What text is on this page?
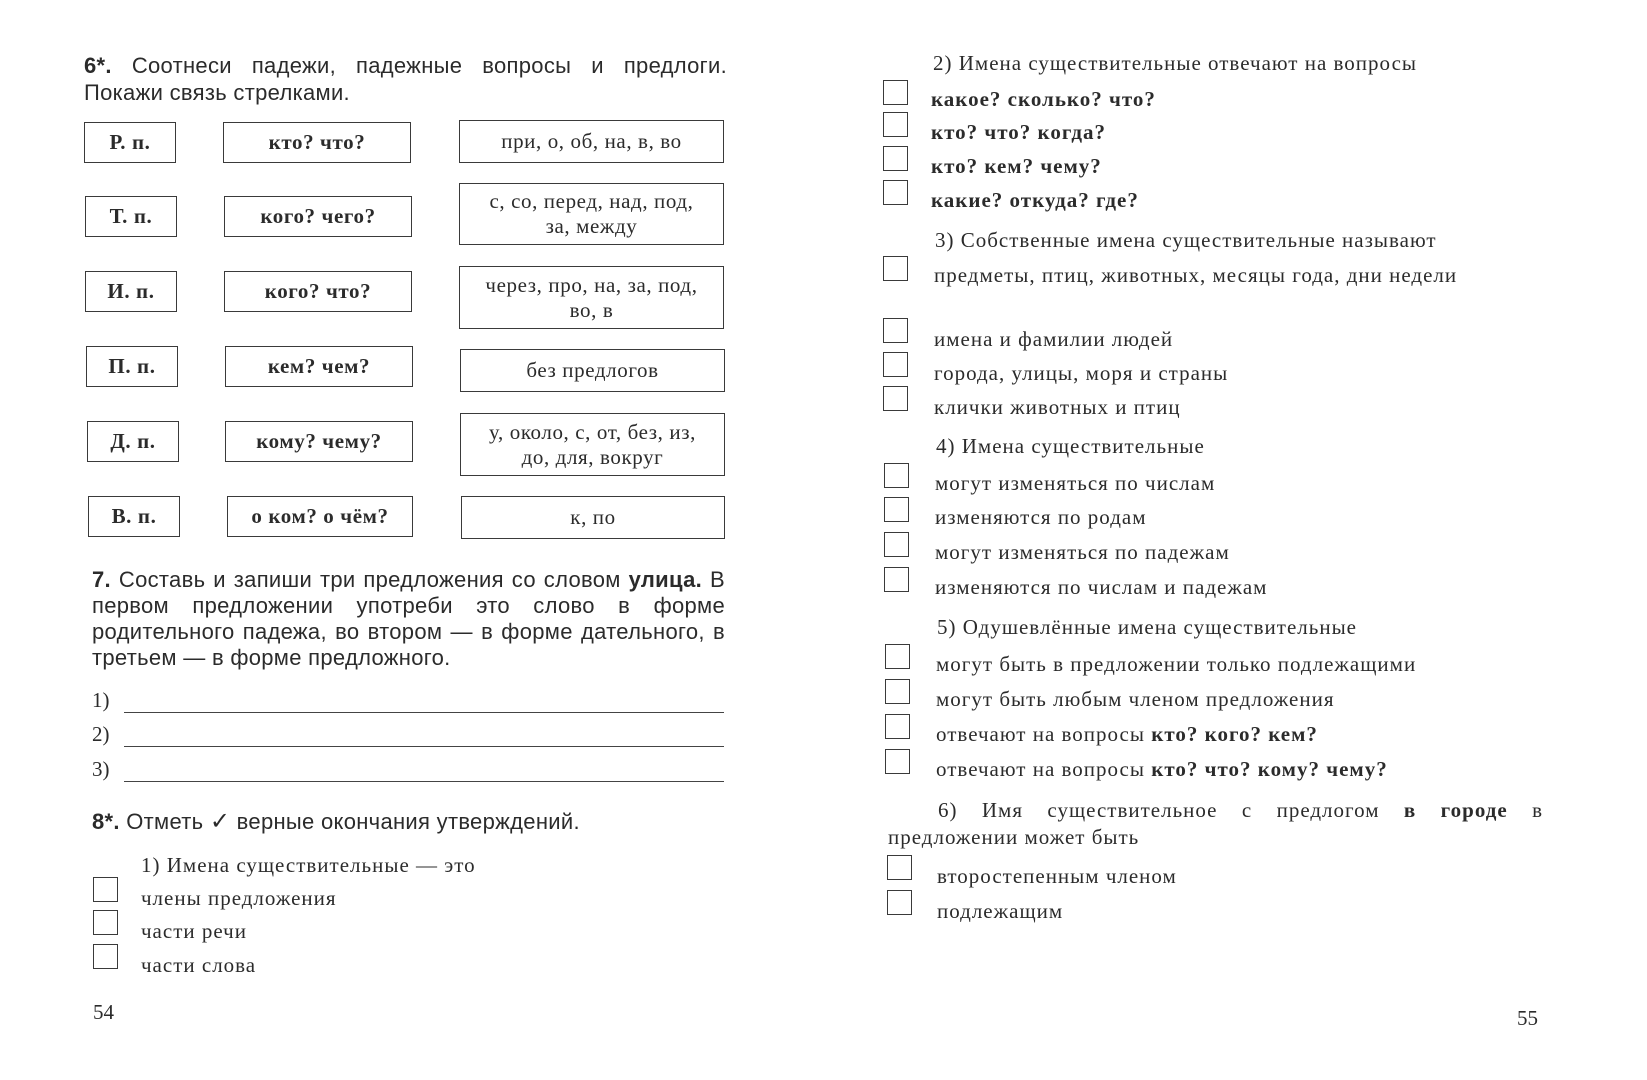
6*. Соотнеси падежи, падежные вопросы и предлоги. Покажи связь стрелками.
Р. п.
Т. п.
И. п.
П. п.
Д. п.
В. п.
кто? что?
кого? чего?
кого? что?
кем? чем?
кому? чему?
о ком? о чём?
при, о, об, на, в, во
с, со, перед, над, под, за, между
через, про, на, за, под, во, в
без предлогов
у, около, с, от, без, из, до, для, вокруг
к, по
7. Составь и запиши три предложения со словом улица. В первом предложении употреби это слово в форме родительного падежа, во втором — в форме дательного, в третьем — в форме предложного.
1)
2)
3)
8*. Отметь ✓ верные окончания утверждений.
1) Имена существительные — это
члены предложения
части речи
части слова
54
2) Имена существительные отвечают на вопросы
какое? сколько? что?
кто? что? когда?
кто? кем? чему?
какие? откуда? где?
3) Собственные имена существительные называют
предметы, птиц, животных, месяцы года, дни недели
имена и фамилии людей
города, улицы, моря и страны
клички животных и птиц
4) Имена существительные
могут изменяться по числам
изменяются по родам
могут изменяться по падежам
изменяются по числам и падежам
5) Одушевлённые имена существительные
могут быть в предложении только подлежащими
могут быть любым членом предложения
отвечают на вопросы кто? кого? кем?
отвечают на вопросы кто? что? кому? чему?
6) Имя существительное с предлогом в городе в предложении может быть
второстепенным членом
подлежащим
55
